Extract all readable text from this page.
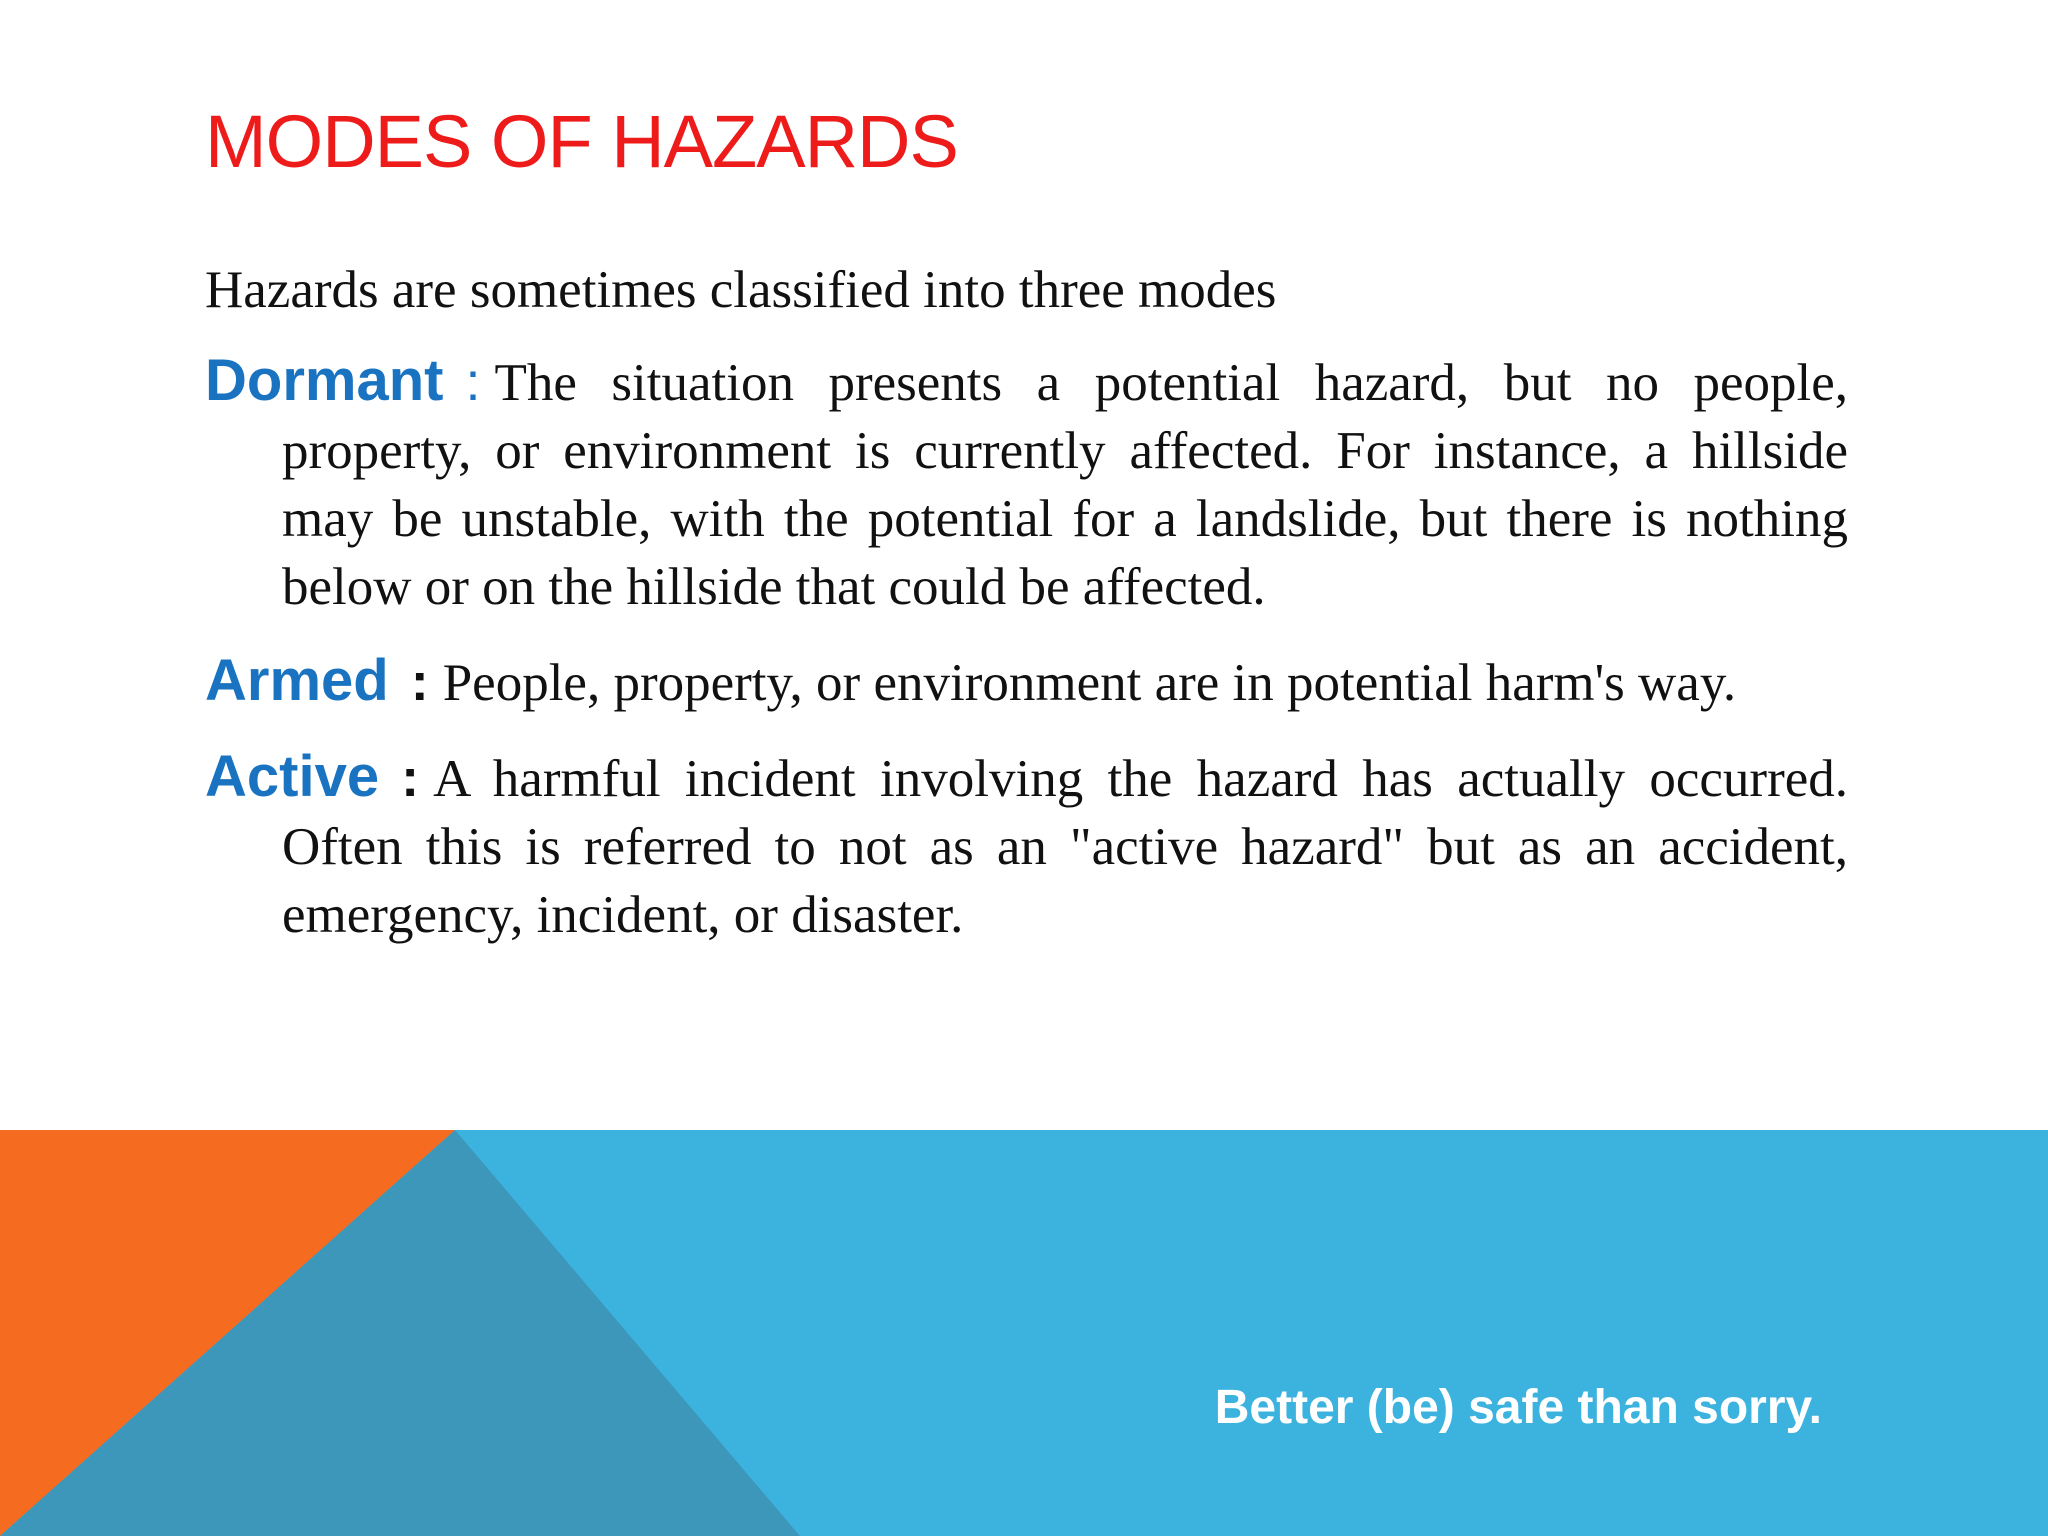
MODES OF HAZARDS

Hazards are sometimes classified into three modes

Dormant : The situation presents a potential hazard, but no people, property, or environment is currently affected. For instance, a hillside may be unstable, with the potential for a landslide, but there is nothing below or on the hillside that could be affected.

Armed : People, property, or environment are in potential harm's way.

Active : A harmful incident involving the hazard has actually occurred. Often this is referred to not as an "active hazard" but as an accident, emergency, incident, or disaster.

Better (be) safe than sorry.
